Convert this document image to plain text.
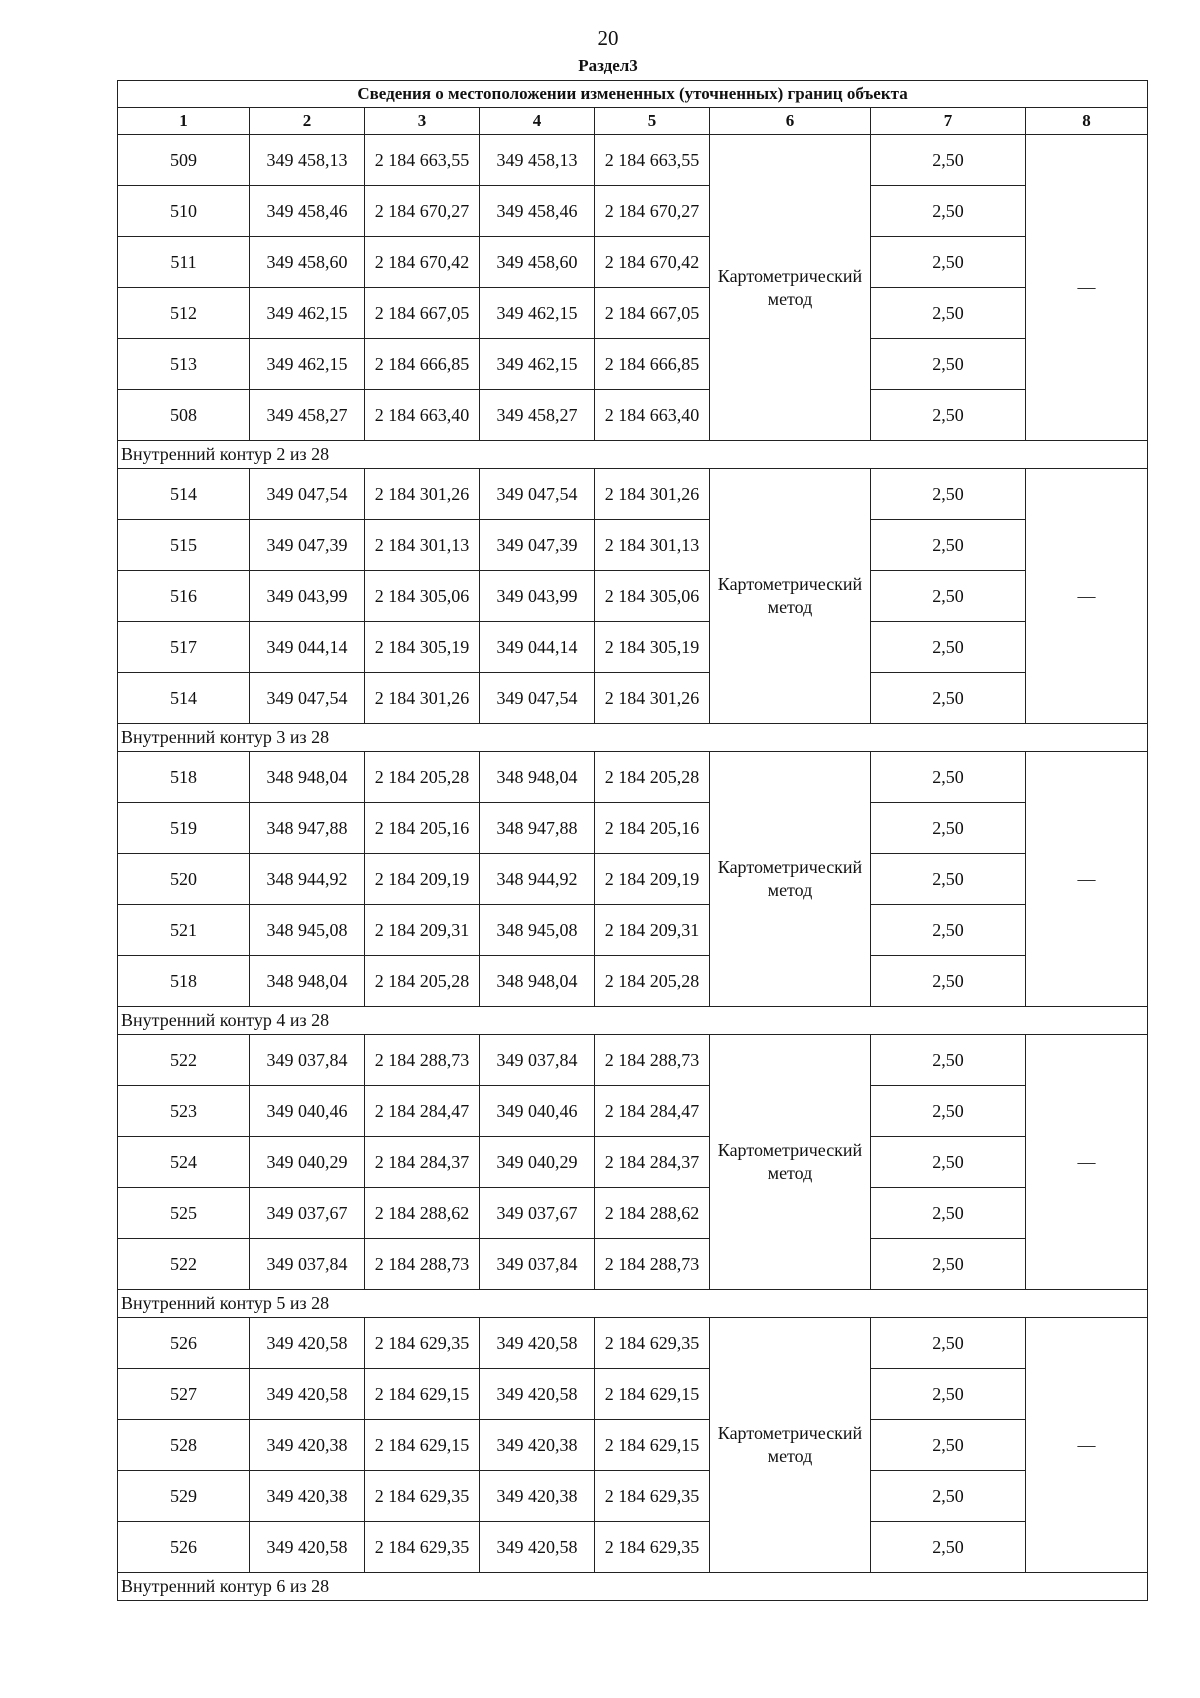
20
Раздел3
Сведения о местоположении измененных (уточненных) границ объекта							
1	2	3	4	5	6	7	8
509	349 458,13	2 184 663,55	349 458,13	2 184 663,55	Картометрический метод	2,50	—
510	349 458,46	2 184 670,27	349 458,46	2 184 670,27		2,50	
511	349 458,60	2 184 670,42	349 458,60	2 184 670,42		2,50	
512	349 462,15	2 184 667,05	349 462,15	2 184 667,05		2,50	
513	349 462,15	2 184 666,85	349 462,15	2 184 666,85		2,50	
508	349 458,27	2 184 663,40	349 458,27	2 184 663,40		2,50	
Внутренний контур 2 из 28							
514	349 047,54	2 184 301,26	349 047,54	2 184 301,26	Картометрический метод	2,50	—
515	349 047,39	2 184 301,13	349 047,39	2 184 301,13		2,50	
516	349 043,99	2 184 305,06	349 043,99	2 184 305,06		2,50	
517	349 044,14	2 184 305,19	349 044,14	2 184 305,19		2,50	
514	349 047,54	2 184 301,26	349 047,54	2 184 301,26		2,50	
Внутренний контур 3 из 28							
518	348 948,04	2 184 205,28	348 948,04	2 184 205,28	Картометрический метод	2,50	—
519	348 947,88	2 184 205,16	348 947,88	2 184 205,16		2,50	
520	348 944,92	2 184 209,19	348 944,92	2 184 209,19		2,50	
521	348 945,08	2 184 209,31	348 945,08	2 184 209,31		2,50	
518	348 948,04	2 184 205,28	348 948,04	2 184 205,28		2,50	
Внутренний контур 4 из 28							
522	349 037,84	2 184 288,73	349 037,84	2 184 288,73	Картометрический метод	2,50	—
523	349 040,46	2 184 284,47	349 040,46	2 184 284,47		2,50	
524	349 040,29	2 184 284,37	349 040,29	2 184 284,37		2,50	
525	349 037,67	2 184 288,62	349 037,67	2 184 288,62		2,50	
522	349 037,84	2 184 288,73	349 037,84	2 184 288,73		2,50	
Внутренний контур 5 из 28							
526	349 420,58	2 184 629,35	349 420,58	2 184 629,35	Картометрический метод	2,50	—
527	349 420,58	2 184 629,15	349 420,58	2 184 629,15		2,50	
528	349 420,38	2 184 629,15	349 420,38	2 184 629,15		2,50	
529	349 420,38	2 184 629,35	349 420,38	2 184 629,35		2,50	
526	349 420,58	2 184 629,35	349 420,58	2 184 629,35		2,50	
Внутренний контур 6 из 28							
